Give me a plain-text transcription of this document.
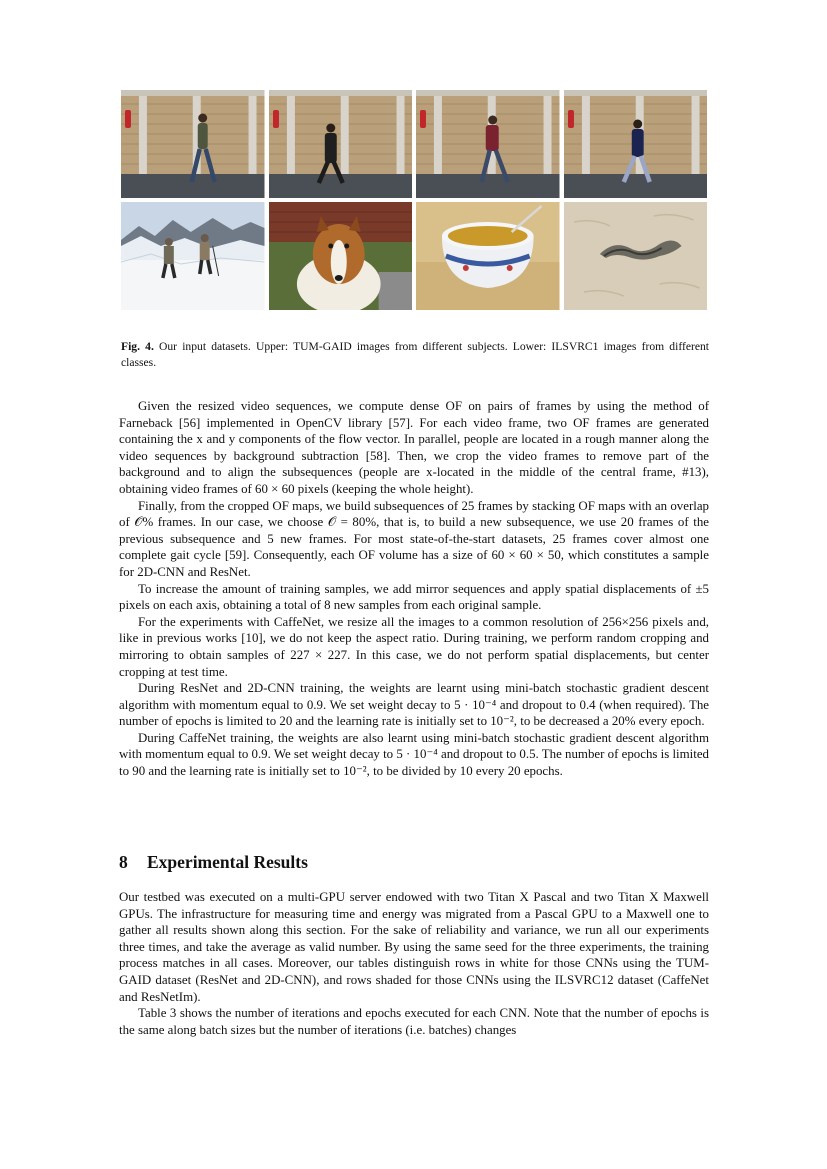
Fig. 4. Our input datasets. Upper: TUM-GAID images from different subjects. Lower: ILSVRC1 images from different classes.

Given the resized video sequences, we compute dense OF on pairs of frames by using the method of Farneback [56] implemented in OpenCV library [57]. For each video frame, two OF frames are generated containing the x and y components of the flow vector. In parallel, people are located in a rough manner along the video sequences by background subtraction [58]. Then, we crop the video frames to remove part of the background and to align the subsequences (people are x-located in the middle of the central frame, #13), obtaining video frames of 60 × 60 pixels (keeping the whole height).

Finally, from the cropped OF maps, we build subsequences of 25 frames by stacking OF maps with an overlap of 𝒪% frames. In our case, we choose 𝒪 = 80%, that is, to build a new subsequence, we use 20 frames of the previous subsequence and 5 new frames. For most state-of-the-start datasets, 25 frames cover almost one complete gait cycle [59]. Consequently, each OF volume has a size of 60 × 60 × 50, which constitutes a sample for 2D-CNN and ResNet.

To increase the amount of training samples, we add mirror sequences and apply spatial displacements of ±5 pixels on each axis, obtaining a total of 8 new samples from each original sample.

For the experiments with CaffeNet, we resize all the images to a common resolution of 256×256 pixels and, like in previous works [10], we do not keep the aspect ratio. During training, we perform random cropping and mirroring to obtain samples of 227 × 227. In this case, we do not perform spatial displacements, but center cropping at test time.

During ResNet and 2D-CNN training, the weights are learnt using mini-batch stochastic gradient descent algorithm with momentum equal to 0.9. We set weight decay to 5 · 10⁻⁴ and dropout to 0.4 (when required). The number of epochs is limited to 20 and the learning rate is initially set to 10⁻², to be decreased a 20% every epoch.

During CaffeNet training, the weights are also learnt using mini-batch stochastic gradient descent algorithm with momentum equal to 0.9. We set weight decay to 5 · 10⁻⁴ and dropout to 0.5. The number of epochs is limited to 90 and the learning rate is initially set to 10⁻², to be divided by 10 every 20 epochs.

8 Experimental Results

Our testbed was executed on a multi-GPU server endowed with two Titan X Pascal and two Titan X Maxwell GPUs. The infrastructure for measuring time and energy was migrated from a Pascal GPU to a Maxwell one to gather all results shown along this section. For the sake of reliability and variance, we run all our experiments three times, and take the average as valid number. By using the same seed for the three experiments, the training process matches in all cases. Moreover, our tables distinguish rows in white for those CNNs using the TUM-GAID dataset (ResNet and 2D-CNN), and rows shaded for those CNNs using the ILSVRC12 dataset (CaffeNet and ResNetIm).

Table 3 shows the number of iterations and epochs executed for each CNN. Note that the number of epochs is the same along batch sizes but the number of iterations (i.e. batches) changes
